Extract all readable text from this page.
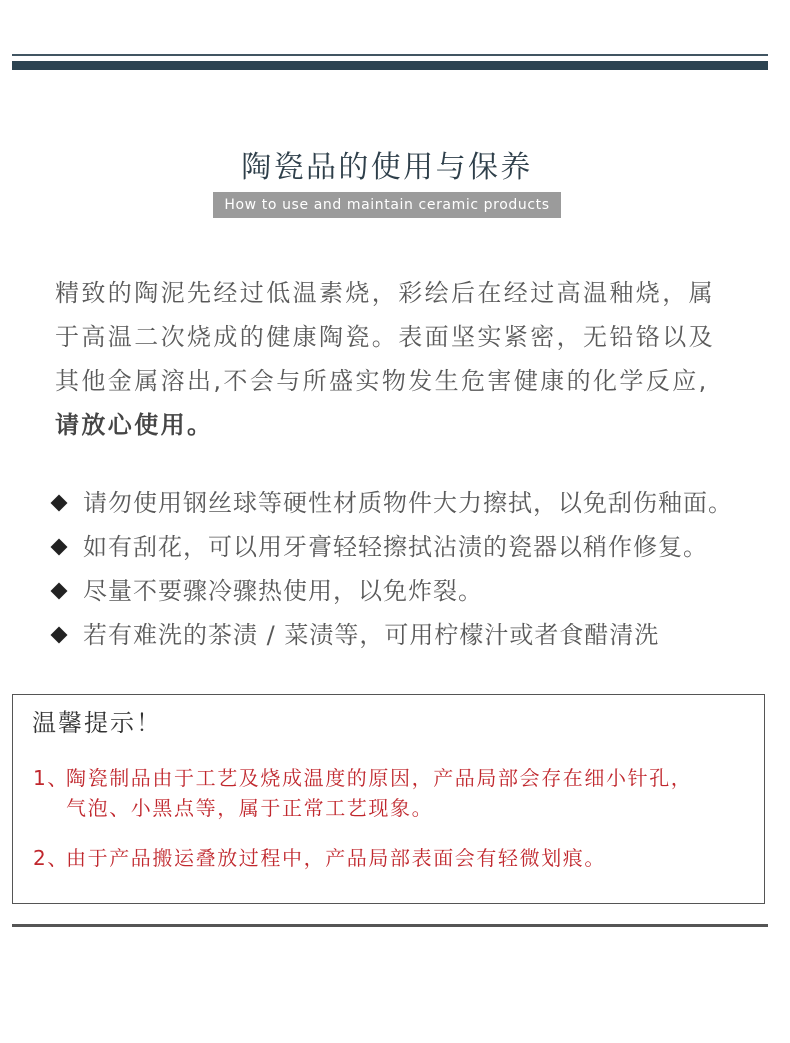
陶瓷品的使用与保养
How to use and maintain ceramic products
精致的陶泥先经过低温素烧，彩绘后在经过高温釉烧，属
于高温二次烧成的健康陶瓷。表面坚实紧密，无铅铬以及
其他金属溶出,不会与所盛实物发生危害健康的化学反应,
请放心使用。
请勿使用钢丝球等硬性材质物件大力擦拭，以免刮伤釉面。
如有刮花，可以用牙膏轻轻擦拭沾渍的瓷器以稍作修复。
尽量不要骤冷骤热使用，以免炸裂。
若有难洗的茶渍 / 菜渍等，可用柠檬汁或者食醋清洗
温馨提示！
1、
陶瓷制品由于工艺及烧成温度的原因，产品局部会存在细小针孔，
气泡、小黑点等，属于正常工艺现象。
2、
由于产品搬运叠放过程中，产品局部表面会有轻微划痕。
